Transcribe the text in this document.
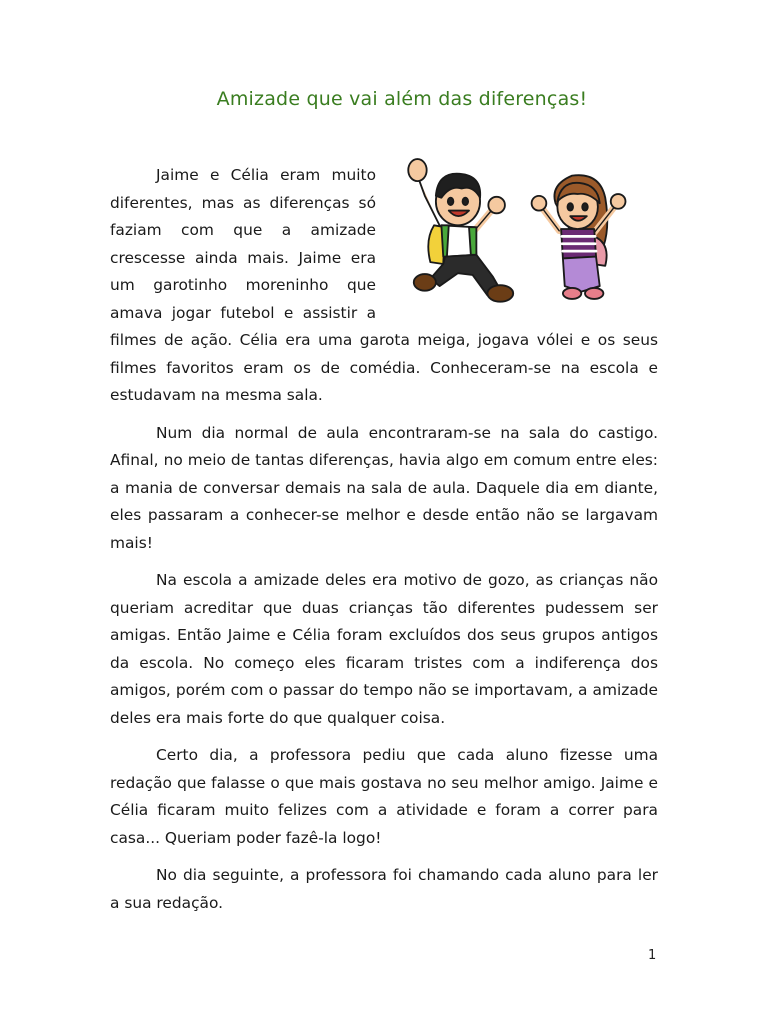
Amizade que vai além das diferenças!

Jaime e Célia eram muito diferentes, mas as diferenças só faziam com que a amizade crescesse ainda mais. Jaime era um garotinho moreninho que amava jogar futebol e assistir a filmes de ação. Célia era uma garota meiga, jogava vólei e os seus filmes favoritos eram os de comédia. Conheceram-se na escola e estudavam na mesma sala.

Num dia normal de aula encontraram-se na sala do castigo. Afinal, no meio de tantas diferenças, havia algo em comum entre eles: a mania de conversar demais na sala de aula. Daquele dia em diante, eles passaram a conhecer-se melhor e desde então não se largavam mais!

Na escola a amizade deles era motivo de gozo, as crianças não queriam acreditar que duas crianças tão diferentes pudessem ser amigas. Então Jaime e Célia foram excluídos dos seus grupos antigos da escola. No começo eles ficaram tristes com a indiferença dos amigos, porém com o passar do tempo não se importavam, a amizade deles era mais forte do que qualquer coisa.

Certo dia, a professora pediu que cada aluno fizesse uma redação que falasse o que mais gostava no seu melhor amigo. Jaime e Célia ficaram muito felizes com a atividade e foram a correr para casa... Queriam poder fazê-la logo!

No dia seguinte, a professora foi chamando cada aluno para ler a sua redação.

1
